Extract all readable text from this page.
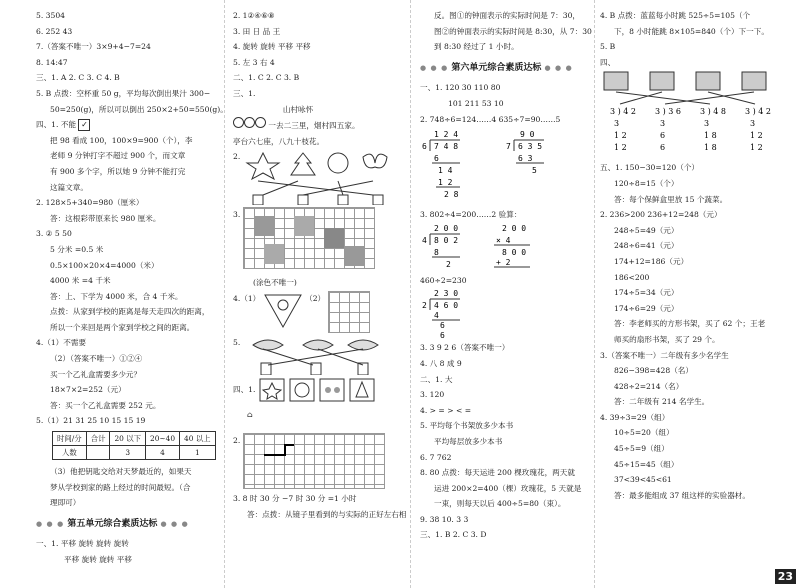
5. 3504
6. 252 43
7.（答案不唯一）3×9+4−7=24
8. 14:47
三、1. A 2. C 3. C 4. B
5. B 点拨：空杯重 50 g，平均每次倒出果汁 300−
50=250(g)，所以可以倒出 250×2+50=550(g)。
四、1. 不能 ✓
把 98 看成 100，100×9=900（个），李
老师 9 分钟打字不超过 900 个，而文章
有 900 多个字，所以她 9 分钟不能打完
这篇文章。
2. 128×5+340=980（厘米）
答：这根彩带原来长 980 厘米。
3. ② 5 50
5 分米 =0.5 米
0.5×100×20×4=4000（米）
4000 米 =4 千米
答：上、下学为 4000 米，合 4 千米。
点拨：从家到学校的距离是每天走四次的距离，
所以一个来回是两个家到学校之间的距离。
4.（1）不需要
（2）（答案不唯一）①②④
买一个乙礼盒需要多少元？
18×7×2=252（元）
答：买一个乙礼盒需要 252 元。
5.（1）21 31 25 10 15 15 19
时间/分	合计	20 以下	20~40	40 以上
人数		3	4	1
（3）他把钥匙交给对天梦最近的，如果天
梦从学校到家的路上经过的时间最短。（合
理即可）
● ● ● 第五单元综合素质达标 ● ● ●
一、1. 平移 旋转 旋转 旋转
平移 旋转 旋转 平移
2. 1②④⑥⑧
3. 田 日 品 王
4. 旋转 旋转 平移 平移
5. 左 3 右 4
二、1. C 2. C 3. B
三、1.
山村咏怀
一去二三里，烟村四五家。
亭台六七座，八九十枝花。
2.
3.
(涂色不唯一)
4.（1）	（2）
5.
四、1.
⌂
2.
3. 8 时 30 分 −7 时 30 分 =1 小时
答：点拨：从镜子里看到的与实际的正好左右相
反。图①的钟面表示的实际时间是 7：30，
图②的钟面表示的实际时间是 8:30，从 7：30
到 8:30 经过了 1 小时。
● ● ● 第六单元综合素质达标 ● ● ●
一、1. 120 30 110 80
101 211 53 10
2. 748÷6=124……4 635÷7=90……5
1 2 4
6 7 4 8
6
1 4
1 2
2 8
9 0
7 6 3 5
6 3
5
3. 802÷4=200……2 验算：
2 0 0
4 8 0 2
8
2
2 0 0
× 4
8 0 0
+ 2
460÷2=230
2 3 0
2 4 6 0
4
6
6
3. 3 9 2 6（答案不唯一）
4. 八 8 成 9
二、1. 大
3. 120
4. > = > < =
5. 平均每个书架放多少本书
平均每层放多少本书
6. 7 762
8. 80 点拨：每天运进 200 棵玫瑰花，两天就
运进 200×2=400（棵）玫瑰花，5 天就是
一束，则每天以后 400÷5=80（束）。
9. 38 10. 3 3
三、1. B 2. C 3. D
4. B 点拨：蓝蓝每小时跳 525÷5=105（个
下，8 小时能跳 8×105=840（个）下一下。
5. B
四、
3 ) 4 2 3 ) 3 6 3 ) 4 8 3 ) 4 2
3	3	3	3
1 2	6	1 8	1 2
1 2	6	1 8	1 2
五、1. 150−30=120（个）
120÷8=15（个）
答：每个保鲜盒里放 15 个蔬菜。
2. 236>200 236+12=248（元）
248÷5=49（元）
248÷6=41（元）
174+12=186（元）
186<200
174÷5=34（元）
174÷6=29（元）
答：李老师买的方形书架，买了 62 个；王老
师买的扇形书架，买了 29 个。
3.（答案不唯一）二年级有多少名学生
826−398=428（名）
428÷2=214（名）
答：二年级有 214 名学生。
4. 39÷3=29（组）
10÷5=20（组）
45÷5=9（组）
45÷15=45（组）
37<39<45<61
答：最多能组成 37 组这样的实验器材。
23
